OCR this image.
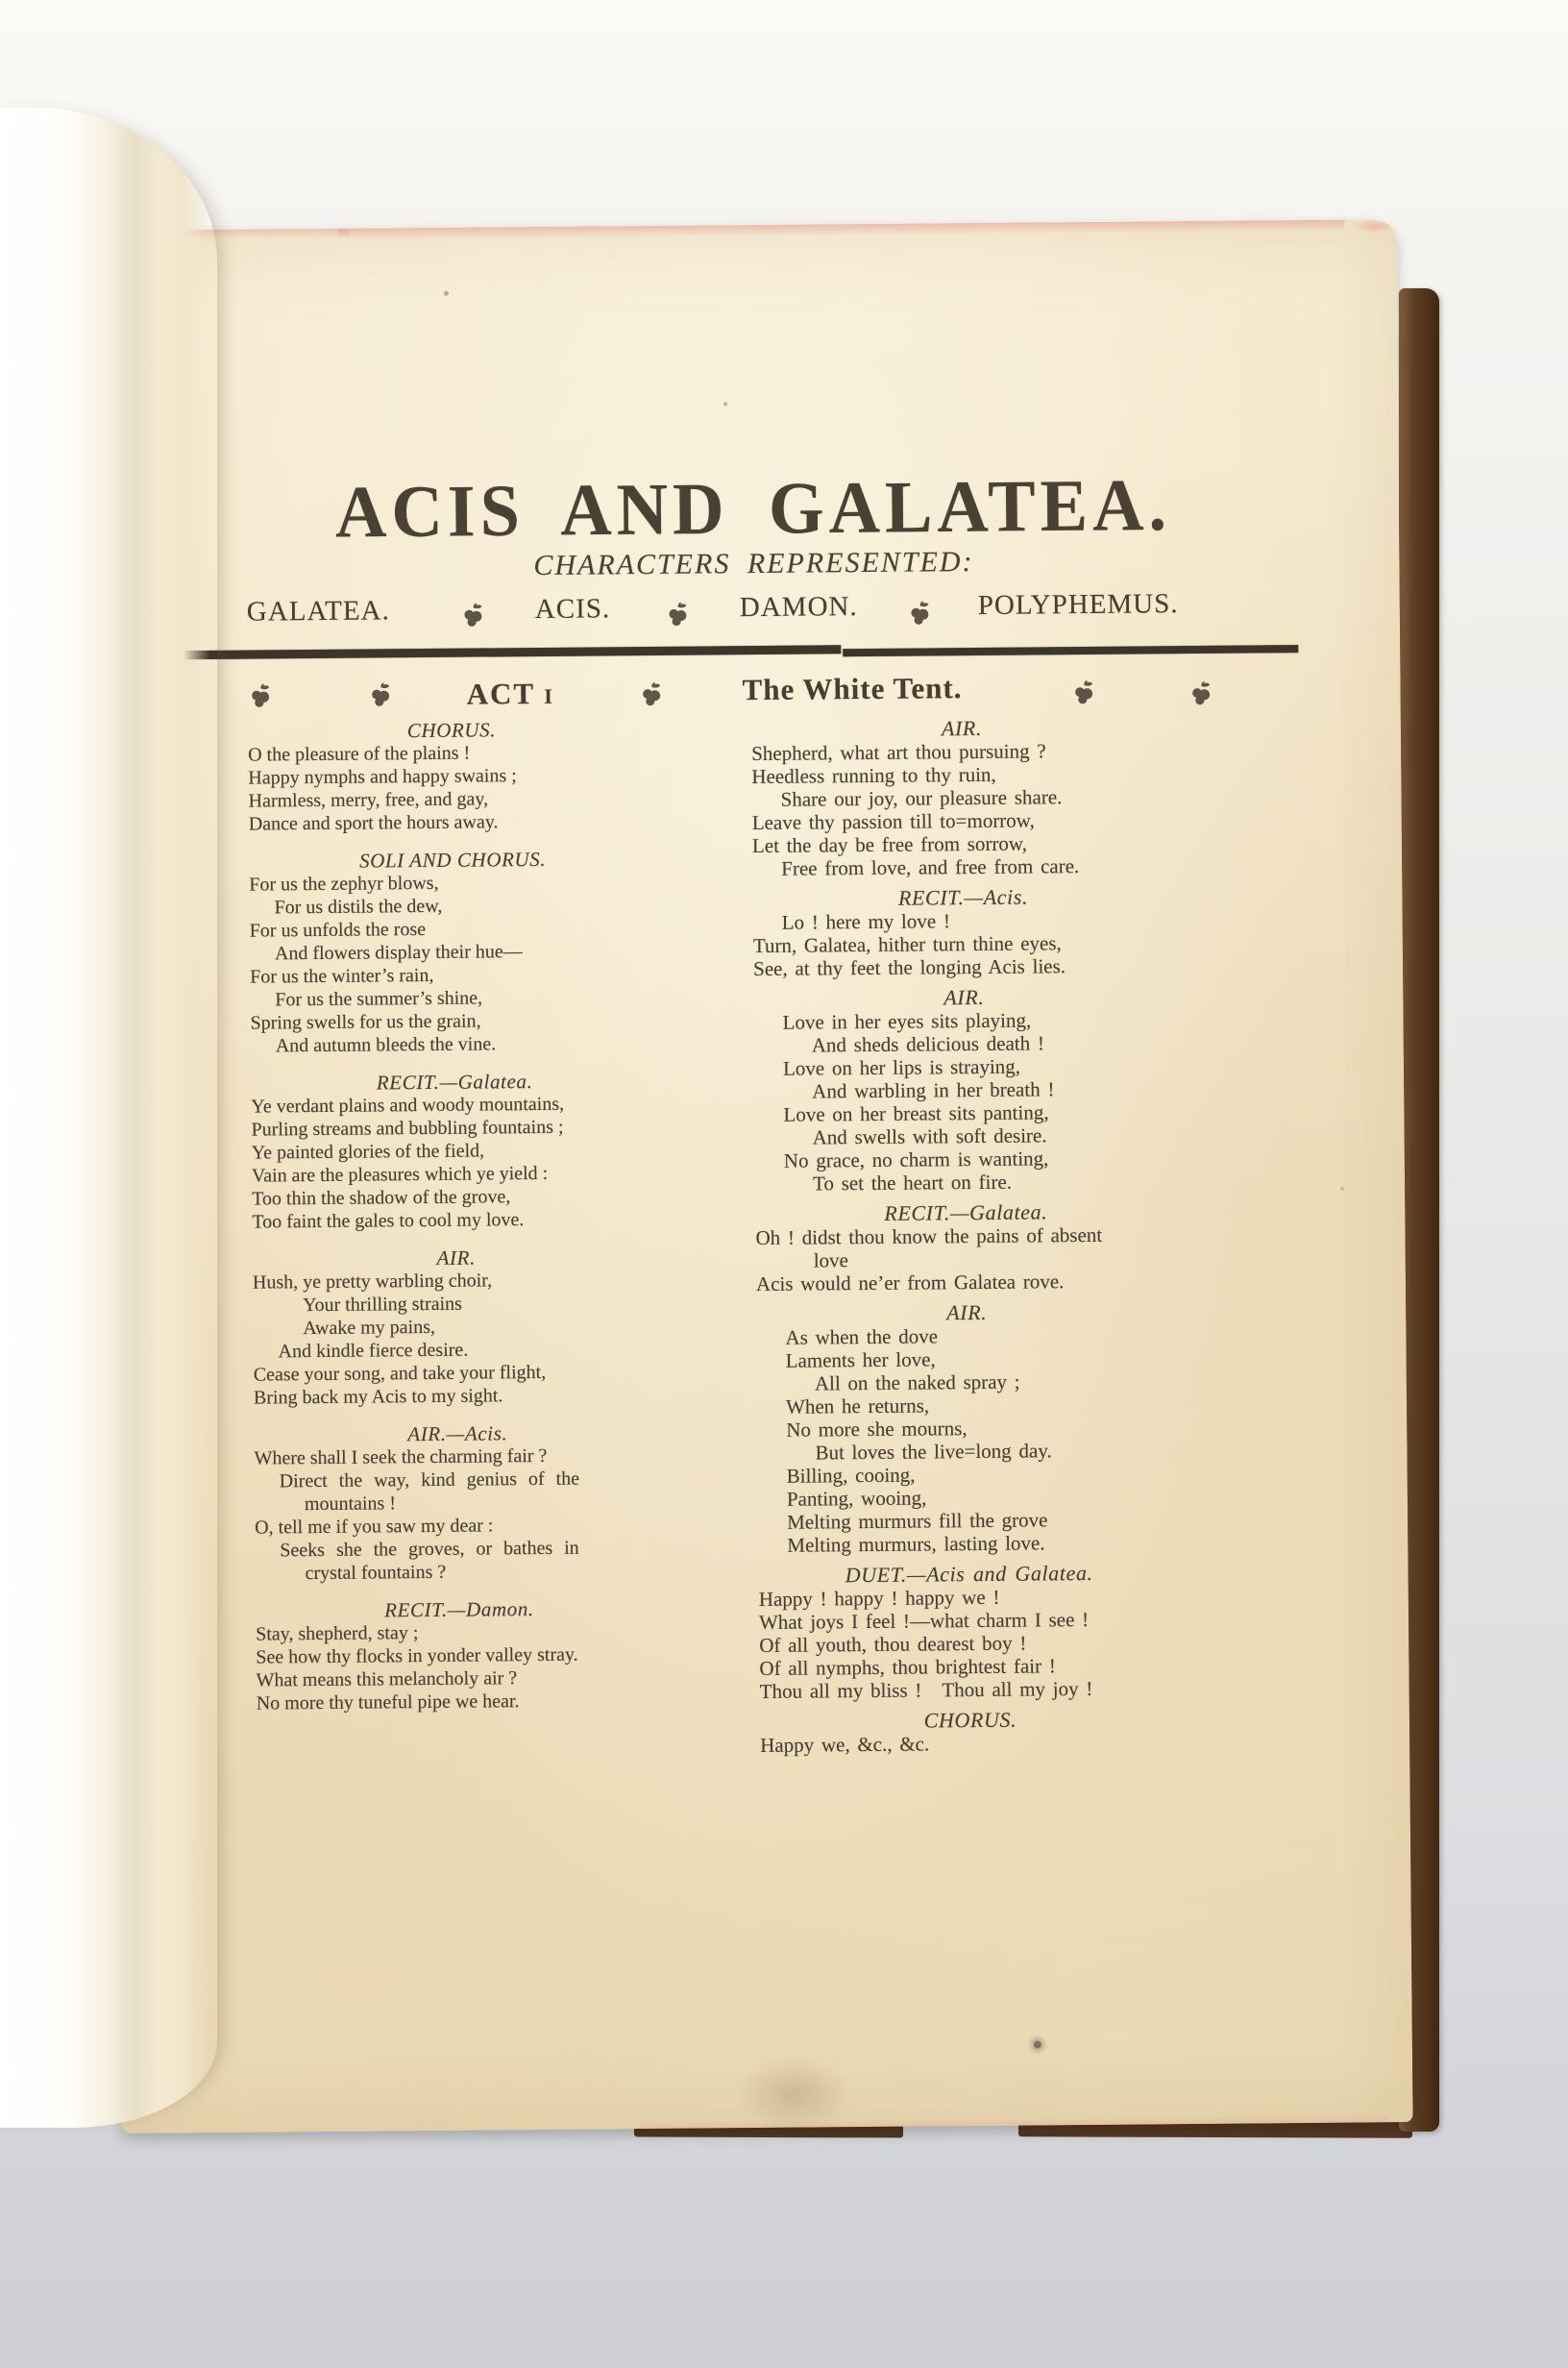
ACIS AND GALATEA.
CHARACTERS REPRESENTED:
GALATEA.	ACIS.	DAMON.	POLYPHEMUS.
ACT I	The White Tent.
CHORUS.
O the pleasure of the plains !
Happy nymphs and happy swains ;
Harmless, merry, free, and gay,
Dance and sport the hours away.
SOLI AND CHORUS.
For us the zephyr blows,
For us distils the dew,
For us unfolds the rose
And flowers display their hue—
For us the winter’s rain,
For us the summer’s shine,
Spring swells for us the grain,
And autumn bleeds the vine.
RECIT.—Galatea.
Ye verdant plains and woody mountains,
Purling streams and bubbling fountains ;
Ye painted glories of the field,
Vain are the pleasures which ye yield :
Too thin the shadow of the grove,
Too faint the gales to cool my love.
AIR.
Hush, ye pretty warbling choir,
Your thrilling strains
Awake my pains,
And kindle fierce desire.
Cease your song, and take your flight,
Bring back my Acis to my sight.
AIR.—Acis.
Where shall I seek the charming fair ?
Direct the way, kind genius of the
mountains !
O, tell me if you saw my dear :
Seeks she the groves, or bathes in
crystal fountains ?
RECIT.—Damon.
Stay, shepherd, stay ;
See how thy flocks in yonder valley stray.
What means this melancholy air ?
No more thy tuneful pipe we hear.
AIR.
Shepherd, what art thou pursuing ?
Heedless running to thy ruin,
Share our joy, our pleasure share.
Leave thy passion till to=morrow,
Let the day be free from sorrow,
Free from love, and free from care.
RECIT.—Acis.
Lo ! here my love !
Turn, Galatea, hither turn thine eyes,
See, at thy feet the longing Acis lies.
AIR.
Love in her eyes sits playing,
And sheds delicious death !
Love on her lips is straying,
And warbling in her breath !
Love on her breast sits panting,
And swells with soft desire.
No grace, no charm is wanting,
To set the heart on fire.
RECIT.—Galatea.
Oh ! didst thou know the pains of absent
love
Acis would ne’er from Galatea rove.
AIR.
As when the dove
Laments her love,
All on the naked spray ;
When he returns,
No more she mourns,
But loves the live=long day.
Billing, cooing,
Panting, wooing,
Melting murmurs fill the grove
Melting murmurs, lasting love.
DUET.—Acis and Galatea.
Happy ! happy ! happy we !
What joys I feel !—what charm I see !
Of all youth, thou dearest boy !
Of all nymphs, thou brightest fair !
Thou all my bliss ! Thou all my joy !
CHORUS.
Happy we, &c., &c.
